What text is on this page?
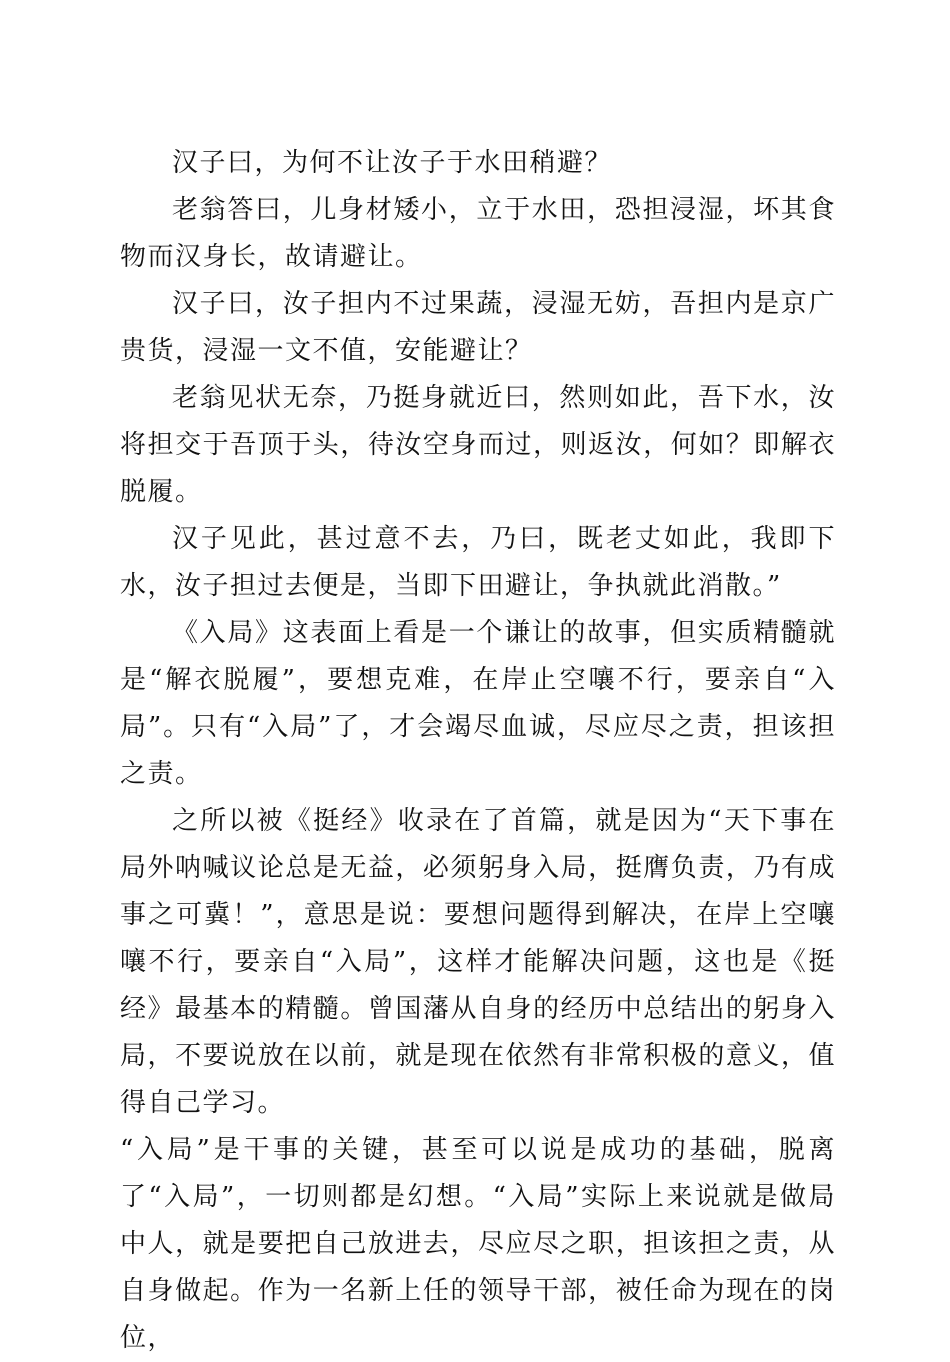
汉子曰，为何不让汝子于水田稍避？

老翁答曰，儿身材矮小，立于水田，恐担浸湿，坏其食物而汉身长，故请避让。

汉子曰，汝子担内不过果蔬，浸湿无妨，吾担内是京广贵货，浸湿一文不值，安能避让？

老翁见状无奈，乃挺身就近曰，然则如此，吾下水，汝将担交于吾顶于头，待汝空身而过，则返汝，何如？即解衣脱履。

汉子见此，甚过意不去，乃曰，既老丈如此，我即下水，汝子担过去便是，当即下田避让，争执就此消散。”

《入局》这表面上看是一个谦让的故事，但实质精髓就是“解衣脱履”，要想克难，在岸止空嚷不行，要亲自“入局”。只有“入局”了，才会竭尽血诚，尽应尽之责，担该担之责。

之所以被《挺经》收录在了首篇，就是因为“天下事在局外呐喊议论总是无益，必须躬身入局，挺膺负责，乃有成事之可冀！”，意思是说：要想问题得到解决，在岸上空嚷嚷不行，要亲自“入局”，这样才能解决问题，这也是《挺经》最基本的精髓。曾国藩从自身的经历中总结出的躬身入局，不要说放在以前，就是现在依然有非常积极的意义，值得自己学习。

“入局”是干事的关键，甚至可以说是成功的基础，脱离了“入局”，一切则都是幻想。“入局”实际上来说就是做局中人，就是要把自己放进去，尽应尽之职，担该担之责，从自身做起。作为一名新上任的领导干部，被任命为现在的岗位，
